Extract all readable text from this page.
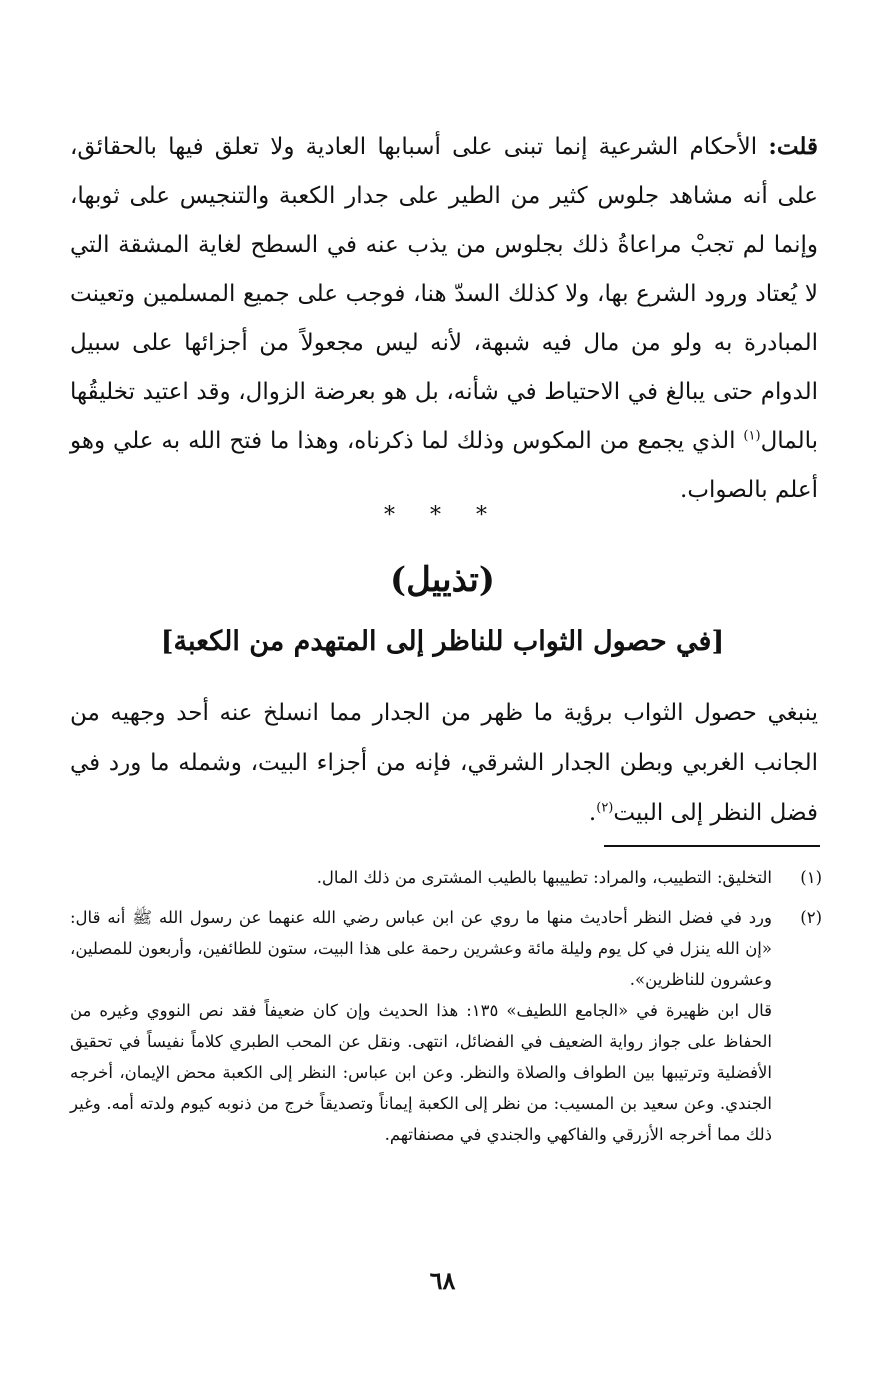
قلت: الأحكام الشرعية إنما تبنى على أسبابها العادية ولا تعلق فيها بالحقائق، على أنه مشاهد جلوس كثير من الطير على جدار الكعبة والتنجيس على ثوبها، وإنما لم تجبْ مراعاةُ ذلك بجلوس من يذب عنه في السطح لغاية المشقة التي لا يُعتاد ورود الشرع بها، ولا كذلك السدّ هنا، فوجب على جميع المسلمين وتعينت المبادرة به ولو من مال فيه شبهة، لأنه ليس مجعولاً من أجزائها على سبيل الدوام حتى يبالغ في الاحتياط في شأنه، بل هو بعرضة الزوال، وقد اعتيد تخليقُها بالمال$^{(١)}$ الذي يجمع من المكوس وذلك لما ذكرناه، وهذا ما فتح الله به علي وهو أعلم بالصواب.
* * *
(تذييل)
[في حصول الثواب للناظر إلى المتهدم من الكعبة]
ينبغي حصول الثواب برؤية ما ظهر من الجدار مما انسلخ عنه أحد وجهيه من الجانب الغربي وبطن الجدار الشرقي، فإنه من أجزاء البيت، وشمله ما ورد في فضل النظر إلى البيت$^{(٢)}$.
(١)
التخليق: التطييب، والمراد: تطييبها بالطيب المشترى من ذلك المال.
(٢)

ورد في فضل النظر أحاديث منها ما روي عن ابن عباس رضي الله عنهما عن رسول الله ﷺ أنه قال: «إن الله ينزل في كل يوم وليلة مائة وعشرين رحمة على هذا البيت، ستون للطائفين، وأربعون للمصلين، وعشرون للناظرين».

قال ابن ظهيرة في «الجامع اللطيف» ١٣٥: هذا الحديث وإن كان ضعيفاً فقد نص النووي وغيره من الحفاظ على جواز رواية الضعيف في الفضائل، انتهى. ونقل عن المحب الطبري كلاماً نفيساً في تحقيق الأفضلية وترتيبها بين الطواف والصلاة والنظر. وعن ابن عباس: النظر إلى الكعبة محض الإيمان، أخرجه الجندي. وعن سعيد بن المسيب: من نظر إلى الكعبة إيماناً وتصديقاً خرج من ذنوبه كيوم ولدته أمه. وغير ذلك مما أخرجه الأزرقي والفاكهي والجندي في مصنفاتهم.

٦٨
